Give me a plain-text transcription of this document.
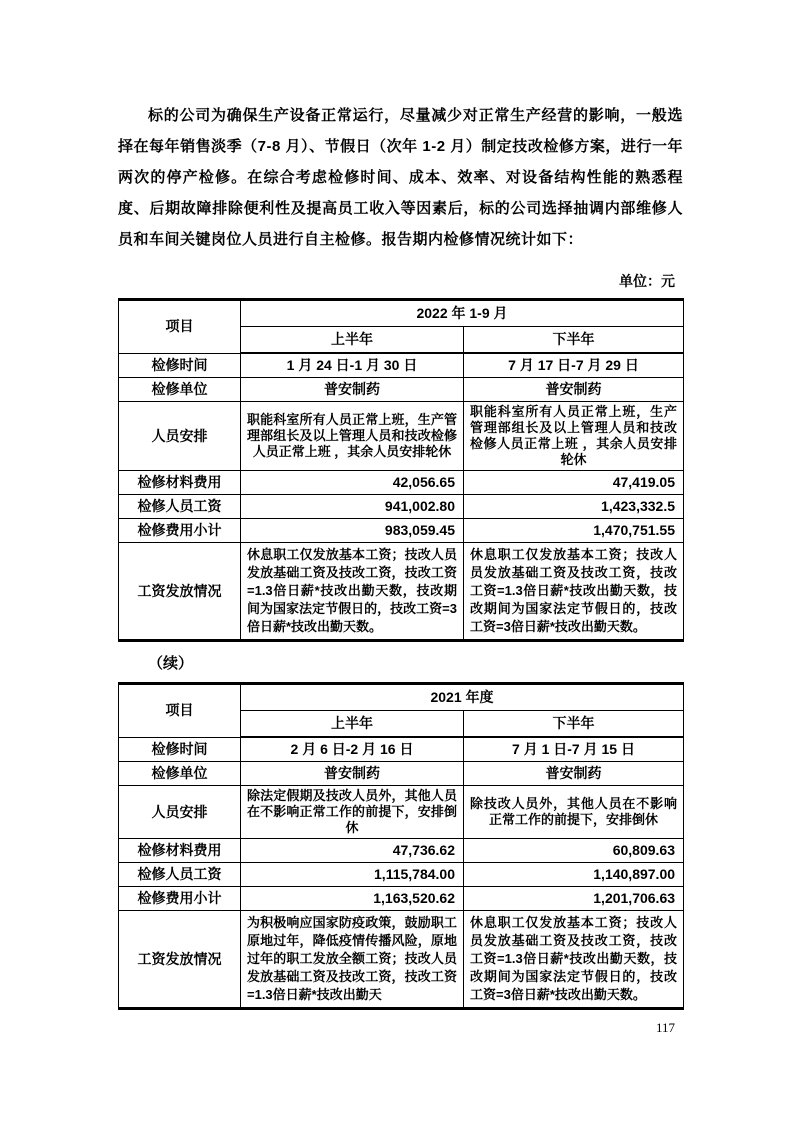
标的公司为确保生产设备正常运行，尽量减少对正常生产经营的影响，一般选择在每年销售淡季（7-8 月）、节假日（次年 1-2 月）制定技改检修方案，进行一年两次的停产检修。在综合考虑检修时间、成本、效率、对设备结构性能的熟悉程度、后期故障排除便利性及提高员工收入等因素后，标的公司选择抽调内部维修人员和车间关键岗位人员进行自主检修。报告期内检修情况统计如下：

单位：元
项目	2022 年 1-9 月	
	上半年	下半年
检修时间	1 月 24 日-1 月 30 日	7 月 17 日-7 月 29 日
检修单位	普安制药	普安制药
人员安排	职能科室所有人员正常上班，生产管理部组长及以上管理人员和技改检修人员正常上班 ，其余人员安排轮休	职能科室所有人员正常上班，生产管理部组长及以上管理人员和技改检修人员正常上班 ，其余人员安排轮休
检修材料费用	42,056.65	47,419.05
检修人员工资	941,002.80	1,423,332.5
检修费用小计	983,059.45	1,470,751.55
工资发放情况	休息职工仅发放基本工资；技改人员发放基础工资及技改工资，技改工资=1.3倍日薪*技改出勤天数，技改期间为国家法定节假日的，技改工资=3倍日薪*技改出勤天数。	休息职工仅发放基本工资；技改人员发放基础工资及技改工资，技改工资=1.3倍日薪*技改出勤天数，技改期间为国家法定节假日的，技改工资=3倍日薪*技改出勤天数。
（续）
项目	2021 年度	
	上半年	下半年
检修时间	2 月 6 日-2 月 16 日	7 月 1 日-7 月 15 日
检修单位	普安制药	普安制药
人员安排	除法定假期及技改人员外，其他人员在不影响正常工作的前提下，安排倒休	除技改人员外，其他人员在不影响正常工作的前提下，安排倒休
检修材料费用	47,736.62	60,809.63
检修人员工资	1,115,784.00	1,140,897.00
检修费用小计	1,163,520.62	1,201,706.63
工资发放情况	为积极响应国家防疫政策，鼓励职工原地过年，降低疫情传播风险，原地过年的职工发放全额工资；技改人员发放基础工资及技改工资，技改工资=1.3倍日薪*技改出勤天	休息职工仅发放基本工资；技改人员发放基础工资及技改工资，技改工资=1.3倍日薪*技改出勤天数，技改期间为国家法定节假日的，技改工资=3倍日薪*技改出勤天数。
117
